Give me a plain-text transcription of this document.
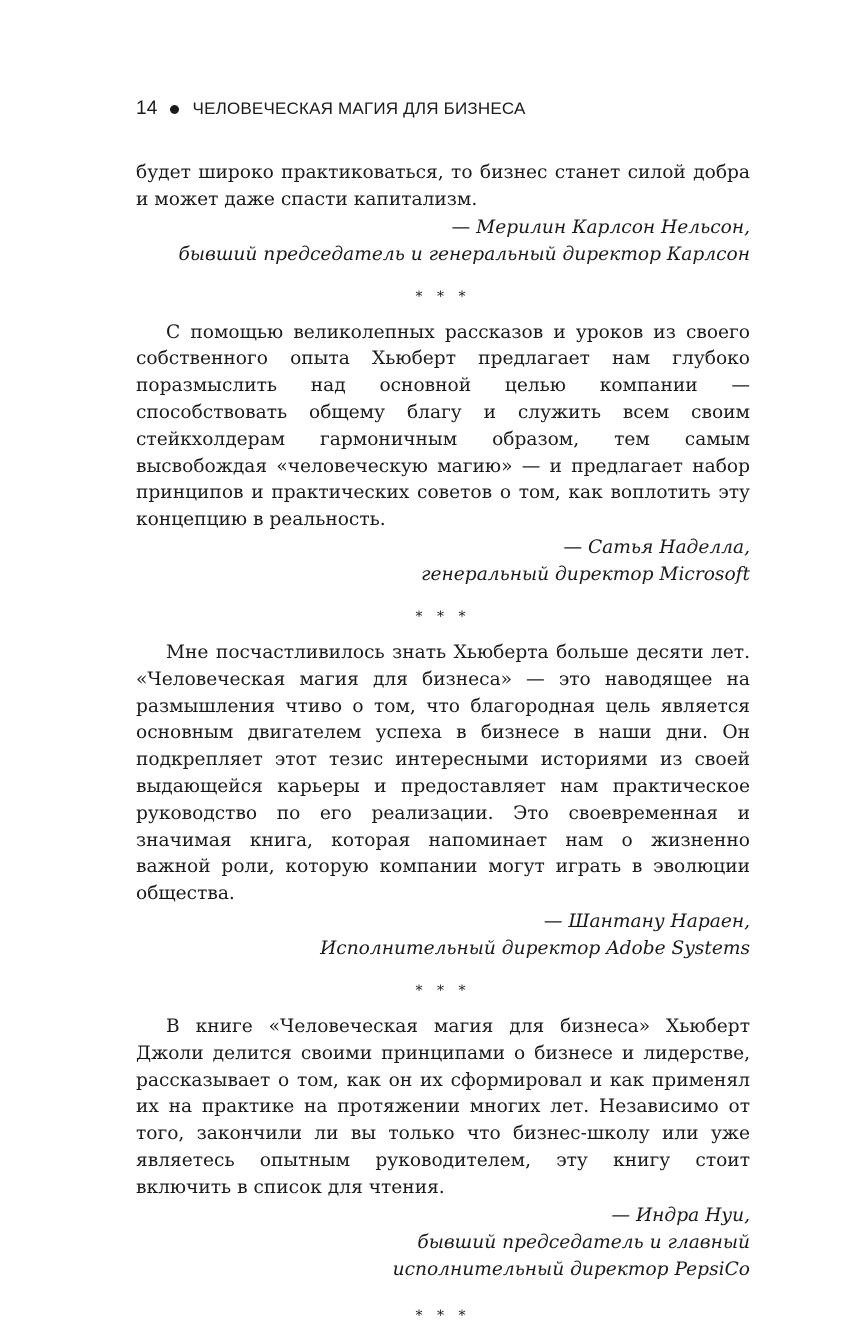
14 ЧЕЛОВЕЧЕСКАЯ МАГИЯ ДЛЯ БИЗНЕСА

будет широко практиковаться, то бизнес станет силой добра и может даже спасти капитализм.

— Мерилин Карлсон Нельсон,

бывший председатель и генеральный директор Карлсон

* * *

С помощью великолепных рассказов и уроков из своего собственного опыта Хьюберт предлагает нам глубоко поразмыслить над основной целью компании — способствовать общему благу и служить всем своим стейкхолдерам гармоничным образом, тем самым высвобождая «человеческую магию» — и предлагает набор принципов и практических советов о том, как воплотить эту концепцию в реальность.

— Сатья Наделла,

генеральный директор Microsoft

* * *

Мне посчастливилось знать Хьюберта больше десяти лет. «Человеческая магия для бизнеса» — это наводящее на размышления чтиво о том, что благородная цель является основным двигателем успеха в бизнесе в наши дни. Он подкрепляет этот тезис интересными историями из своей выдающейся карьеры и предоставляет нам практическое руководство по его реализации. Это своевременная и значимая книга, которая напоминает нам о жизненно важной роли, которую компании могут играть в эволюции общества.

— Шантану Нараен,

Исполнительный директор Adobe Systems

* * *

В книге «Человеческая магия для бизнеса» Хьюберт Джоли делится своими принципами о бизнесе и лидерстве, рассказывает о том, как он их сформировал и как применял их на практике на протяжении многих лет. Независимо от того, закончили ли вы только что бизнес-школу или уже являетесь опытным руководителем, эту книгу стоит включить в список для чтения.

— Индра Нуи,

бывший председатель и главный

исполнительный директор PepsiCo

* * *
